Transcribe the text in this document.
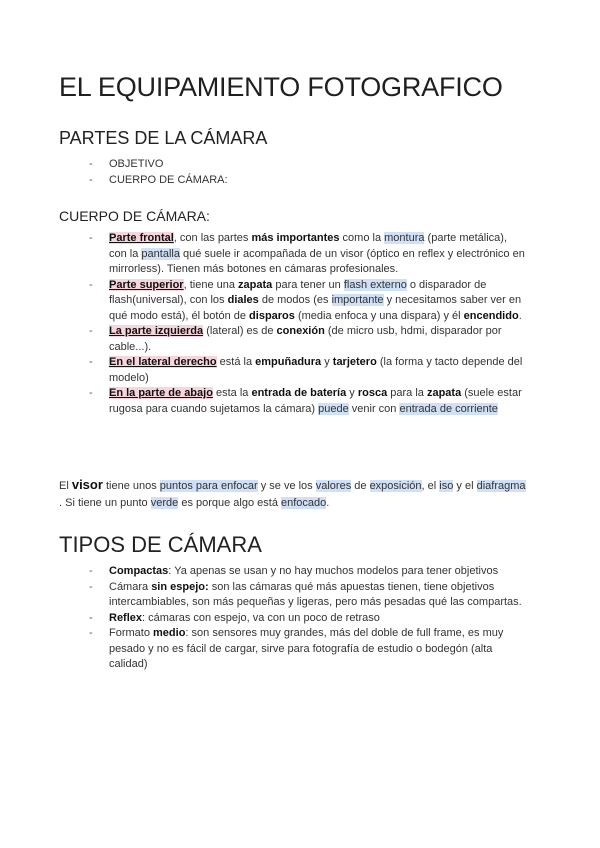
EL EQUIPAMIENTO FOTOGRAFICO
PARTES DE LA CÁMARA
- OBJETIVO
- CUERPO DE CÁMARA:
CUERPO DE CÁMARA:
- Parte frontal, con las partes más importantes como la montura (parte metálica), con la pantalla qué suele ir acompañada de un visor (óptico en reflex y electrónico en mirrorless). Tienen más botones en cámaras profesionales.
- Parte superior, tiene una zapata para tener un flash externo o disparador de flash(universal), con los diales de modos (es importante y necesitamos saber ver en qué modo está), él botón de disparos (media enfoca y una dispara) y él encendido.
- La parte izquierda (lateral) es de conexión (de micro usb, hdmi, disparador por cable...).
- En el lateral derecho está la empuñadura y tarjetero (la forma y tacto depende del modelo)
- En la parte de abajo esta la entrada de batería y rosca para la zapata (suele estar rugosa para cuando sujetamos la cámara) puede venir con entrada de corriente

El visor tiene unos puntos para enfocar y se ve los valores de exposición, el iso y el diafragma . Si tiene un punto verde es porque algo está enfocado.

TIPOS DE CÁMARA
- Compactas: Ya apenas se usan y no hay muchos modelos para tener objetivos
- Cámara sin espejo: son las cámaras qué más apuestas tienen, tiene objetivos intercambiables, son más pequeñas y ligeras, pero más pesadas qué las compartas.
- Reflex: cámaras con espejo, va con un poco de retraso
- Formato medio: son sensores muy grandes, más del doble de full frame, es muy pesado y no es fácil de cargar, sirve para fotografía de estudio o bodegón (alta calidad)
